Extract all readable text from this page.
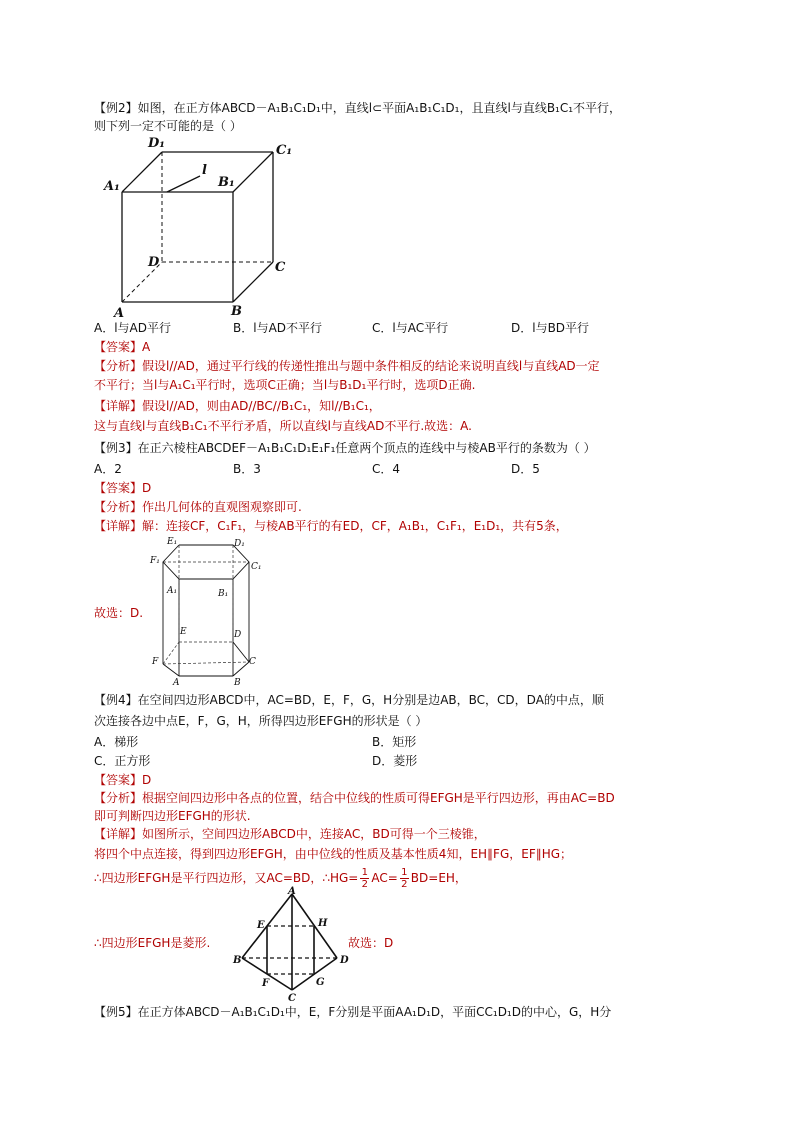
【例2】如图，在正方体ABCD－A₁B₁C₁D₁中，直线l⊂平面A₁B₁C₁D₁，且直线l与直线B₁C₁不平行，
则下列一定不可能的是（ ）
D₁	C₁
A₁	B₁
l
D	C
A	B
A．l与AD平行	B．l与AD不平行	C．l与AC平行	D．l与BD平行
【答案】A
【分析】假设l//AD，通过平行线的传递性推出与题中条件相反的结论来说明直线l与直线AD一定
不平行；当l与A₁C₁平行时，选项C正确；当l与B₁D₁平行时，选项D正确.
【详解】假设l//AD，则由AD//BC//B₁C₁，知l//B₁C₁，
这与直线l与直线B₁C₁不平行矛盾，所以直线l与直线AD不平行.故选：A.
【例3】在正六棱柱ABCDEF－A₁B₁C₁D₁E₁F₁任意两个顶点的连线中与棱AB平行的条数为（ ）
A．2	B．3	C．4	D．5
【答案】D
【分析】作出几何体的直观图观察即可.
【详解】解：连接CF，C₁F₁，与棱AB平行的有ED，CF，A₁B₁，C₁F₁，E₁D₁，共有5条，
E₁	D₁
F₁
C₁
A₁	B₁
E	D
F	C
A	B
故选：D.
【例4】在空间四边形ABCD中，AC=BD，E，F，G，H分别是边AB，BC，CD，DA的中点，顺
次连接各边中点E，F，G，H，所得四边形EFGH的形状是（ ）
A．梯形	B．矩形
C．正方形	D．菱形
【答案】D
【分析】根据空间四边形中各点的位置，结合中位线的性质可得EFGH是平行四边形，再由AC=BD
即可判断四边形EFGH的形状.
【详解】如图所示，空间四边形ABCD中，连接AC，BD可得一个三棱锥，
将四个中点连接，得到四边形EFGH，由中位线的性质及基本性质4知，EH∥FG，EF∥HG；
∴四边形EFGH是平行四边形，又AC=BD，∴HG= $\frac{1}{2} AC= \frac{1}{2} BD=EH$，
A
E	H
B	D
F	G
C
∴四边形EFGH是菱形.	故选：D
【例5】在正方体ABCD－A₁B₁C₁D₁中，E，F分别是平面AA₁D₁D，平面CC₁D₁D的中心，G，H分
